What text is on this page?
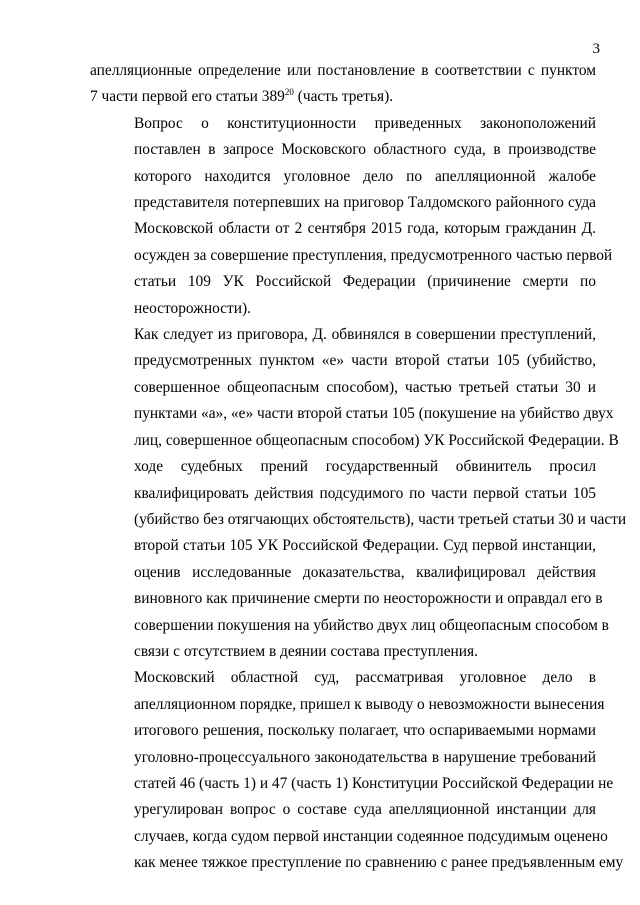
3
апелляционные определение или постановление в соответствии с пунктом
7 части первой его статьи $389^{20}$ (часть третья).
Вопрос о конституционности приведенных законоположений
поставлен в запросе Московского областного суда, в производстве
которого находится уголовное дело по апелляционной жалобе
представителя потерпевших на приговор Талдомского районного суда
Московской области от 2 сентября 2015 года, которым гражданин Д.
осужден за совершение преступления, предусмотренного частью первой
статьи 109 УК Российской Федерации (причинение смерти по
неосторожности).
Как следует из приговора, Д. обвинялся в совершении преступлений,
предусмотренных пунктом «е» части второй статьи 105 (убийство,
совершенное общеопасным способом), частью третьей статьи 30 и
пунктами «а», «е» части второй статьи 105 (покушение на убийство двух
лиц, совершенное общеопасным способом) УК Российской Федерации. В
ходе судебных прений государственный обвинитель просил
квалифицировать действия подсудимого по части первой статьи 105
(убийство без отягчающих обстоятельств), части третьей статьи 30 и части
второй статьи 105 УК Российской Федерации. Суд первой инстанции,
оценив исследованные доказательства, квалифицировал действия
виновного как причинение смерти по неосторожности и оправдал его в
совершении покушения на убийство двух лиц общеопасным способом в
связи с отсутствием в деянии состава преступления.
Московский областной суд, рассматривая уголовное дело в
апелляционном порядке, пришел к выводу о невозможности вынесения
итогового решения, поскольку полагает, что оспариваемыми нормами
уголовно-процессуального законодательства в нарушение требований
статей 46 (часть 1) и 47 (часть 1) Конституции Российской Федерации не
урегулирован вопрос о составе суда апелляционной инстанции для
случаев, когда судом первой инстанции содеянное подсудимым оценено
как менее тяжкое преступление по сравнению с ранее предъявленным ему
